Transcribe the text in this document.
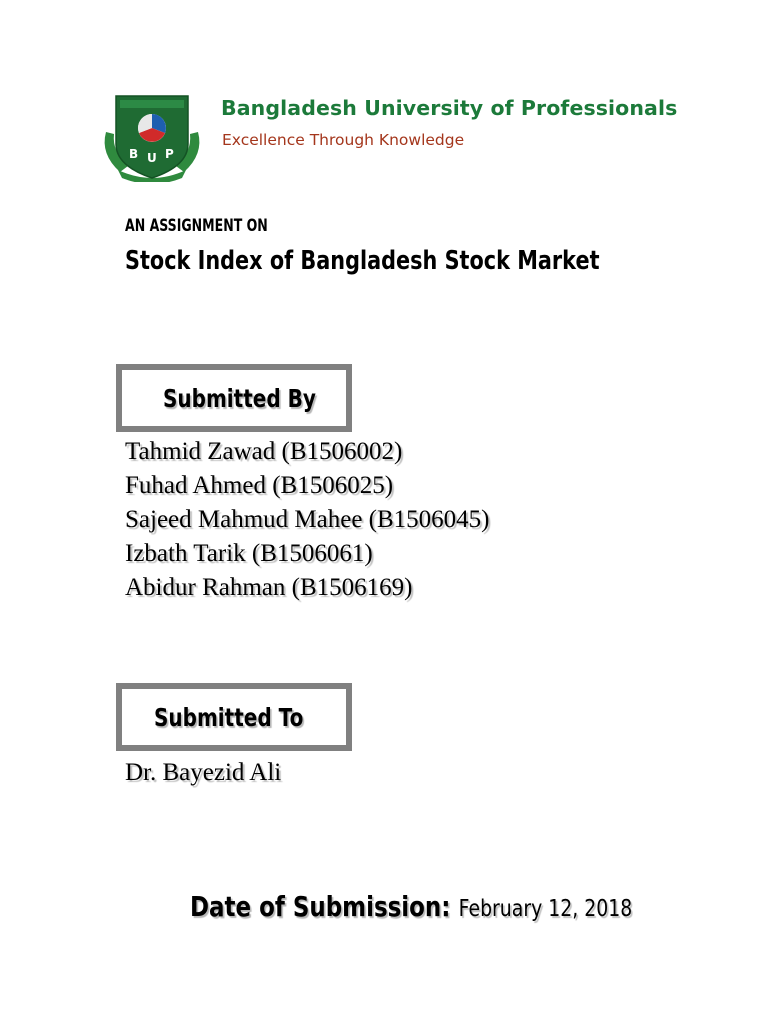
B U P
Bangladesh University of Professionals
Excellence Through Knowledge
AN ASSIGNMENT ON
Stock Index of Bangladesh Stock Market
Submitted By
Tahmid Zawad (B1506002)
Fuhad Ahmed (B1506025)
Sajeed Mahmud Mahee (B1506045)
Izbath Tarik (B1506061)
Abidur Rahman (B1506169)
Submitted To
Dr. Bayezid Ali
Date of Submission: February 12, 2018
